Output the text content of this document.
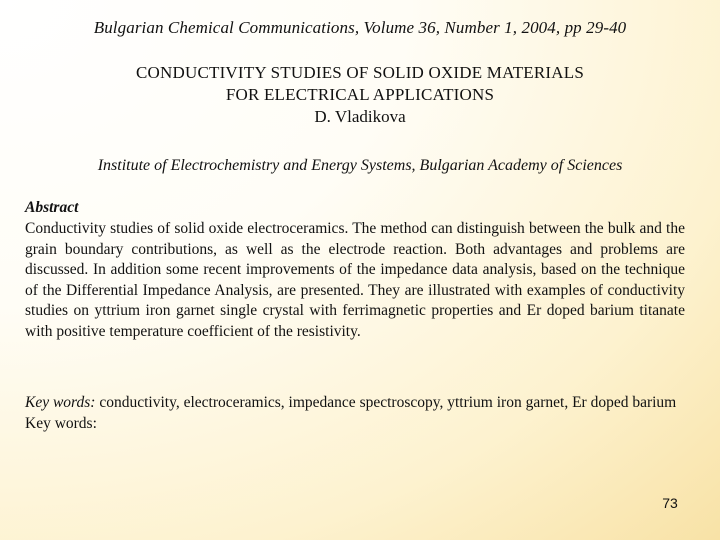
Bulgarian Chemical Communications, Volume 36, Number 1, 2004, pp 29-40
CONDUCTIVITY STUDIES OF SOLID OXIDE MATERIALS
FOR ELECTRICAL APPLICATIONS
D. Vladikova
Institute of Electrochemistry and Energy Systems, Bulgarian Academy of Sciences
Abstract
Conductivity studies of solid oxide electroceramics. The method can distinguish between the bulk and the grain boundary contributions, as well as the electrode reaction. Both advantages and problems are discussed. In addition some recent improvements of the impedance data analysis, based on the technique of the Differential Impedance Analysis, are presented. They are illustrated with examples of conductivity studies on yttrium iron garnet single crystal with ferrimagnetic properties and Er doped barium titanate with positive temperature coefficient of the resistivity.
Key words: conductivity, electroceramics, impedance spectroscopy, yttrium iron garnet, Er doped barium Key words:
73
